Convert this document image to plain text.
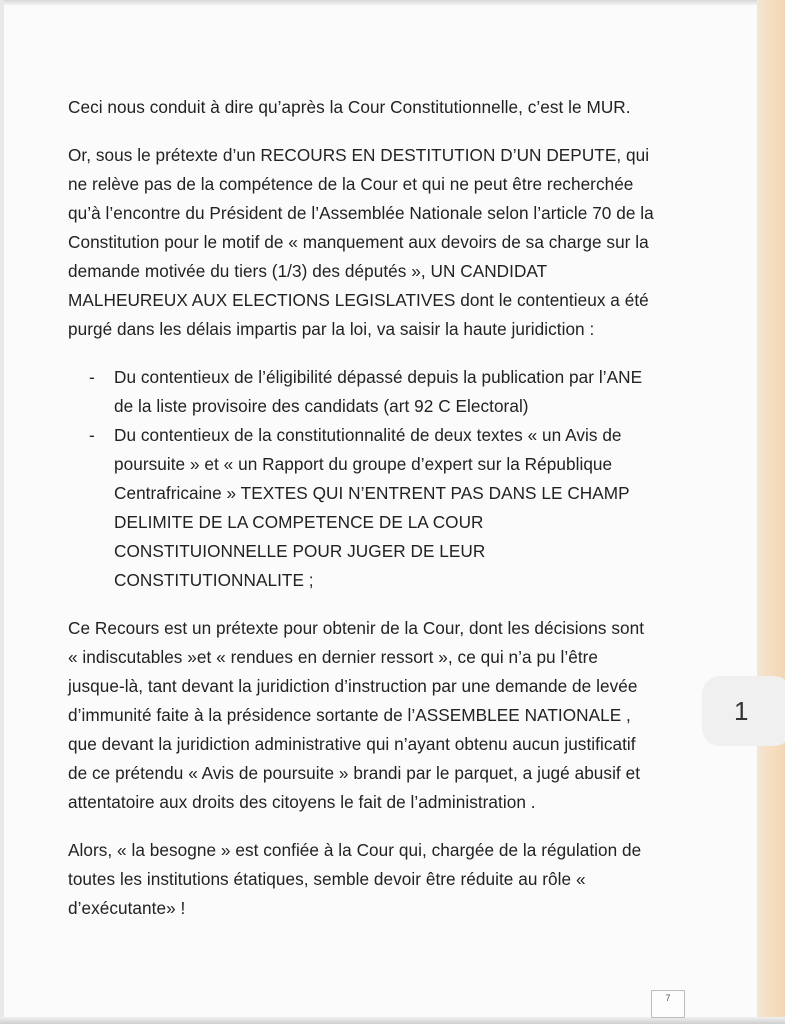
Ceci nous conduit à dire qu’après la Cour Constitutionnelle, c’est le MUR.

Or, sous le prétexte d’un RECOURS EN DESTITUTION D’UN DEPUTE, qui ne relève pas de la compétence de la Cour et qui ne peut être recherchée qu’à l’encontre du Président de l’Assemblée Nationale selon l’article 70 de la Constitution pour le motif de « manquement aux devoirs de sa charge sur la demande motivée du tiers (1/3) des députés », UN CANDIDAT MALHEUREUX AUX ELECTIONS LEGISLATIVES dont le contentieux a été purgé dans les délais impartis par la loi, va saisir la haute juridiction :

- Du contentieux de l’éligibilité dépassé depuis la publication par l’ANE de la liste provisoire des candidats (art 92 C Electoral)
- Du contentieux de la constitutionnalité de deux textes « un Avis de poursuite » et « un Rapport du groupe d’expert sur la République Centrafricaine » TEXTES QUI N’ENTRENT PAS DANS LE CHAMP DELIMITE DE LA COMPETENCE DE LA COUR CONSTITUIONNELLE POUR JUGER DE LEUR CONSTITUTIONNALITE ;

Ce Recours est un prétexte pour obtenir de la Cour, dont les décisions sont « indiscutables »et « rendues en dernier ressort », ce qui n’a pu l’être jusque-là, tant devant la juridiction d’instruction par une demande de levée d’immunité faite à la présidence sortante de l’ASSEMBLEE NATIONALE , que devant la juridiction administrative qui n’ayant obtenu aucun justificatif de ce prétendu « Avis de poursuite » brandi par le parquet, a jugé abusif et attentatoire aux droits des citoyens le fait de l’administration .

Alors, « la besogne » est confiée à la Cour qui, chargée de la régulation de toutes les institutions étatiques, semble devoir être réduite au rôle « d’exécutante» !

1
7
